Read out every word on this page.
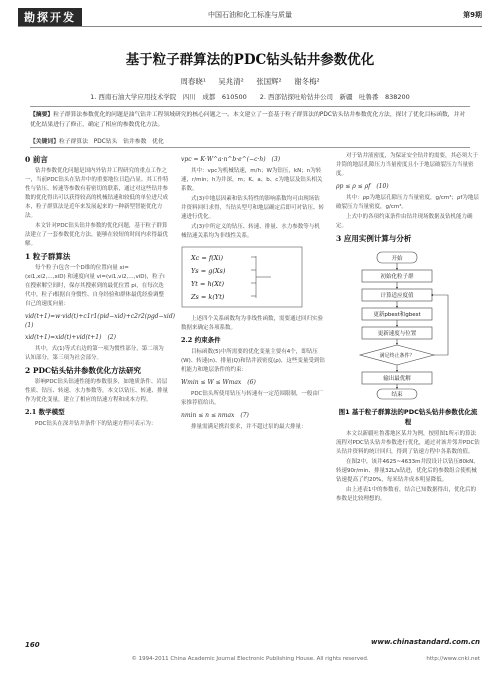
勘探开发	中国石油和化工标准与质量	第9期
基于粒子群算法的PDC钻头钻井参数优化
周春晓¹ 吴兆清² 张国辉² 谢冬梅²
1. 西南石油大学应用技术学院　四川　成都　610500　　2. 西部钻探吐哈钻井公司　新疆　吐鲁番　838200
【摘要】粒子群算法参数优化的问题是油气钻井工程领域研究的核心问题之一。本文建立了一套基于粒子群算法的PDC钻头钻井参数优化方法，探讨了优化目标函数，并对优化结果进行了修正，确定了相应的参数优化方法。
【关键词】粒子群算法　PDC钻头　钻井参数　优化
0 前言

钻井参数优化问题是国内外钻井工程研究的重点工作之一，当前PDC钻头在钻井中的重要地位日趋凸显。其工作特性与钻压、转速等参数有着密切的联系，通过对这些钻井参数的优化得出可以获得较高的机械钻速和较低的单位进尺成本，粒子群算法是近年来发展起来的一种新型智能优化方法。

本文针对PDC钻头钻井参数的优化问题，基于粒子群算法建立了一套参数优化方法，能够在较短的时间内求得最优解。

1 粒子群算法

每个粒子i包含一个D维的位置向量 xi=(xi1,xi2,…,xiD) 和速度向量 vi=(vi1,vi2,…,viD)，粒子i在搜索解空间时，保存其搜索到的最优位置 pi，在每次迭代中，粒子i根据自身惯性、自身经验和群体最优经验调整自己的速度向量：

vid(t+1)=w·vid(t)+c1r1(pid−xid)+c2r2(pgd−xid)　(1)
xid(t+1)=xid(t)+vid(t+1)　(2)

其中，式(1)等式右边的第一项为惯性部分，第二项为认知部分，第三项为社会部分。

2 PDC钻头钻井参数优化方法研究

影响PDC钻头钻速性能的参数很多，如地质条件、岩层性质、钻压、转速、水力参数等，本文以钻压、转速、排量作为优化变量，建立了相应的钻速方程和成本方程。

2.1 数学模型

PDC钻头在深井钻井条件下的钻速方程可表示为：

vpc = K·W^a·n^b·e^(−c·h)　(3)

其中：vpc为机械钻速，m/h；W为钻压，kN；n为转速，r/min；h为井深，m；K、a、b、c为地层及钻头相关系数。

式(3)中地层因素和钻头特性的影响系数均可由现场钻井资料回归求得，当钻头型号和地层确定后即可对钻压、转速进行优化。

式(3)中所定义的钻压、转速、排量、水力参数等与机械钻速关系均为非线性关系。

Xc = f(Xi)
Ys = g(Xs)
Yt = h(Xt)
Zs = k(Yt)

上述四个关系函数均为非线性函数，需要通过回归实验数据来确定各项系数。

2.2 约束条件

目标函数(5)中所需要的优化变量主要有4个，即钻压(W)、转速(n)、排量(Q)和钻井液密度(ρ)，这些变量受到钻机能力和地层条件的约束：

Wmin ≤ W ≤ Wmax　(6)

PDC钻头所使用钻压与转速有一定范围限制，一般由厂家推荐值给出。

nmin ≤ n ≤ nmax　(7)

排量需满足携岩要求，并不超过泵的最大排量：

对于钻井液密度，为保证安全钻井的需要，其必须大于井筒的地层孔隙压力当量密度且小于地层破裂压力当量密度。

ρp ≤ ρ ≤ ρf　(10)

其中：ρp为地层孔隙压力当量密度，g/cm³；ρf为地层破裂压力当量密度，g/cm³。

上式中的各项约束条件由钻井现场数据及钻机能力确定。

3 应用实例计算与分析
开始
初始化粒子群
计算适应度值
更新pbest和gbest
更新速度与位置
满足终止条件？
输出最优解
结束
图1 基于粒子群算法的PDC钻头钻井参数优化流程

本文以新疆吐鲁番地区某井为例，按照图1所示的算法流程对PDC钻头钻井参数进行优化，通过对该井邻井PDC钻头钻井资料的统计回归，得到了钻速方程中各系数的值。

在图2中，该井4625~4633m井段设计以钻压80kN、转速90r/min、排量32L/s钻进，优化后的参数组合使机械钻速提高了约20%，每米钻井成本明显降低。

由上述表1中的参数看，结合已知数据得出，优化后的参数是比较理想的。

160	www.chinastandard.com.cn
© 1994-2011 China Academic Journal Electronic Publishing House. All rights reserved.	http://www.cnki.net
